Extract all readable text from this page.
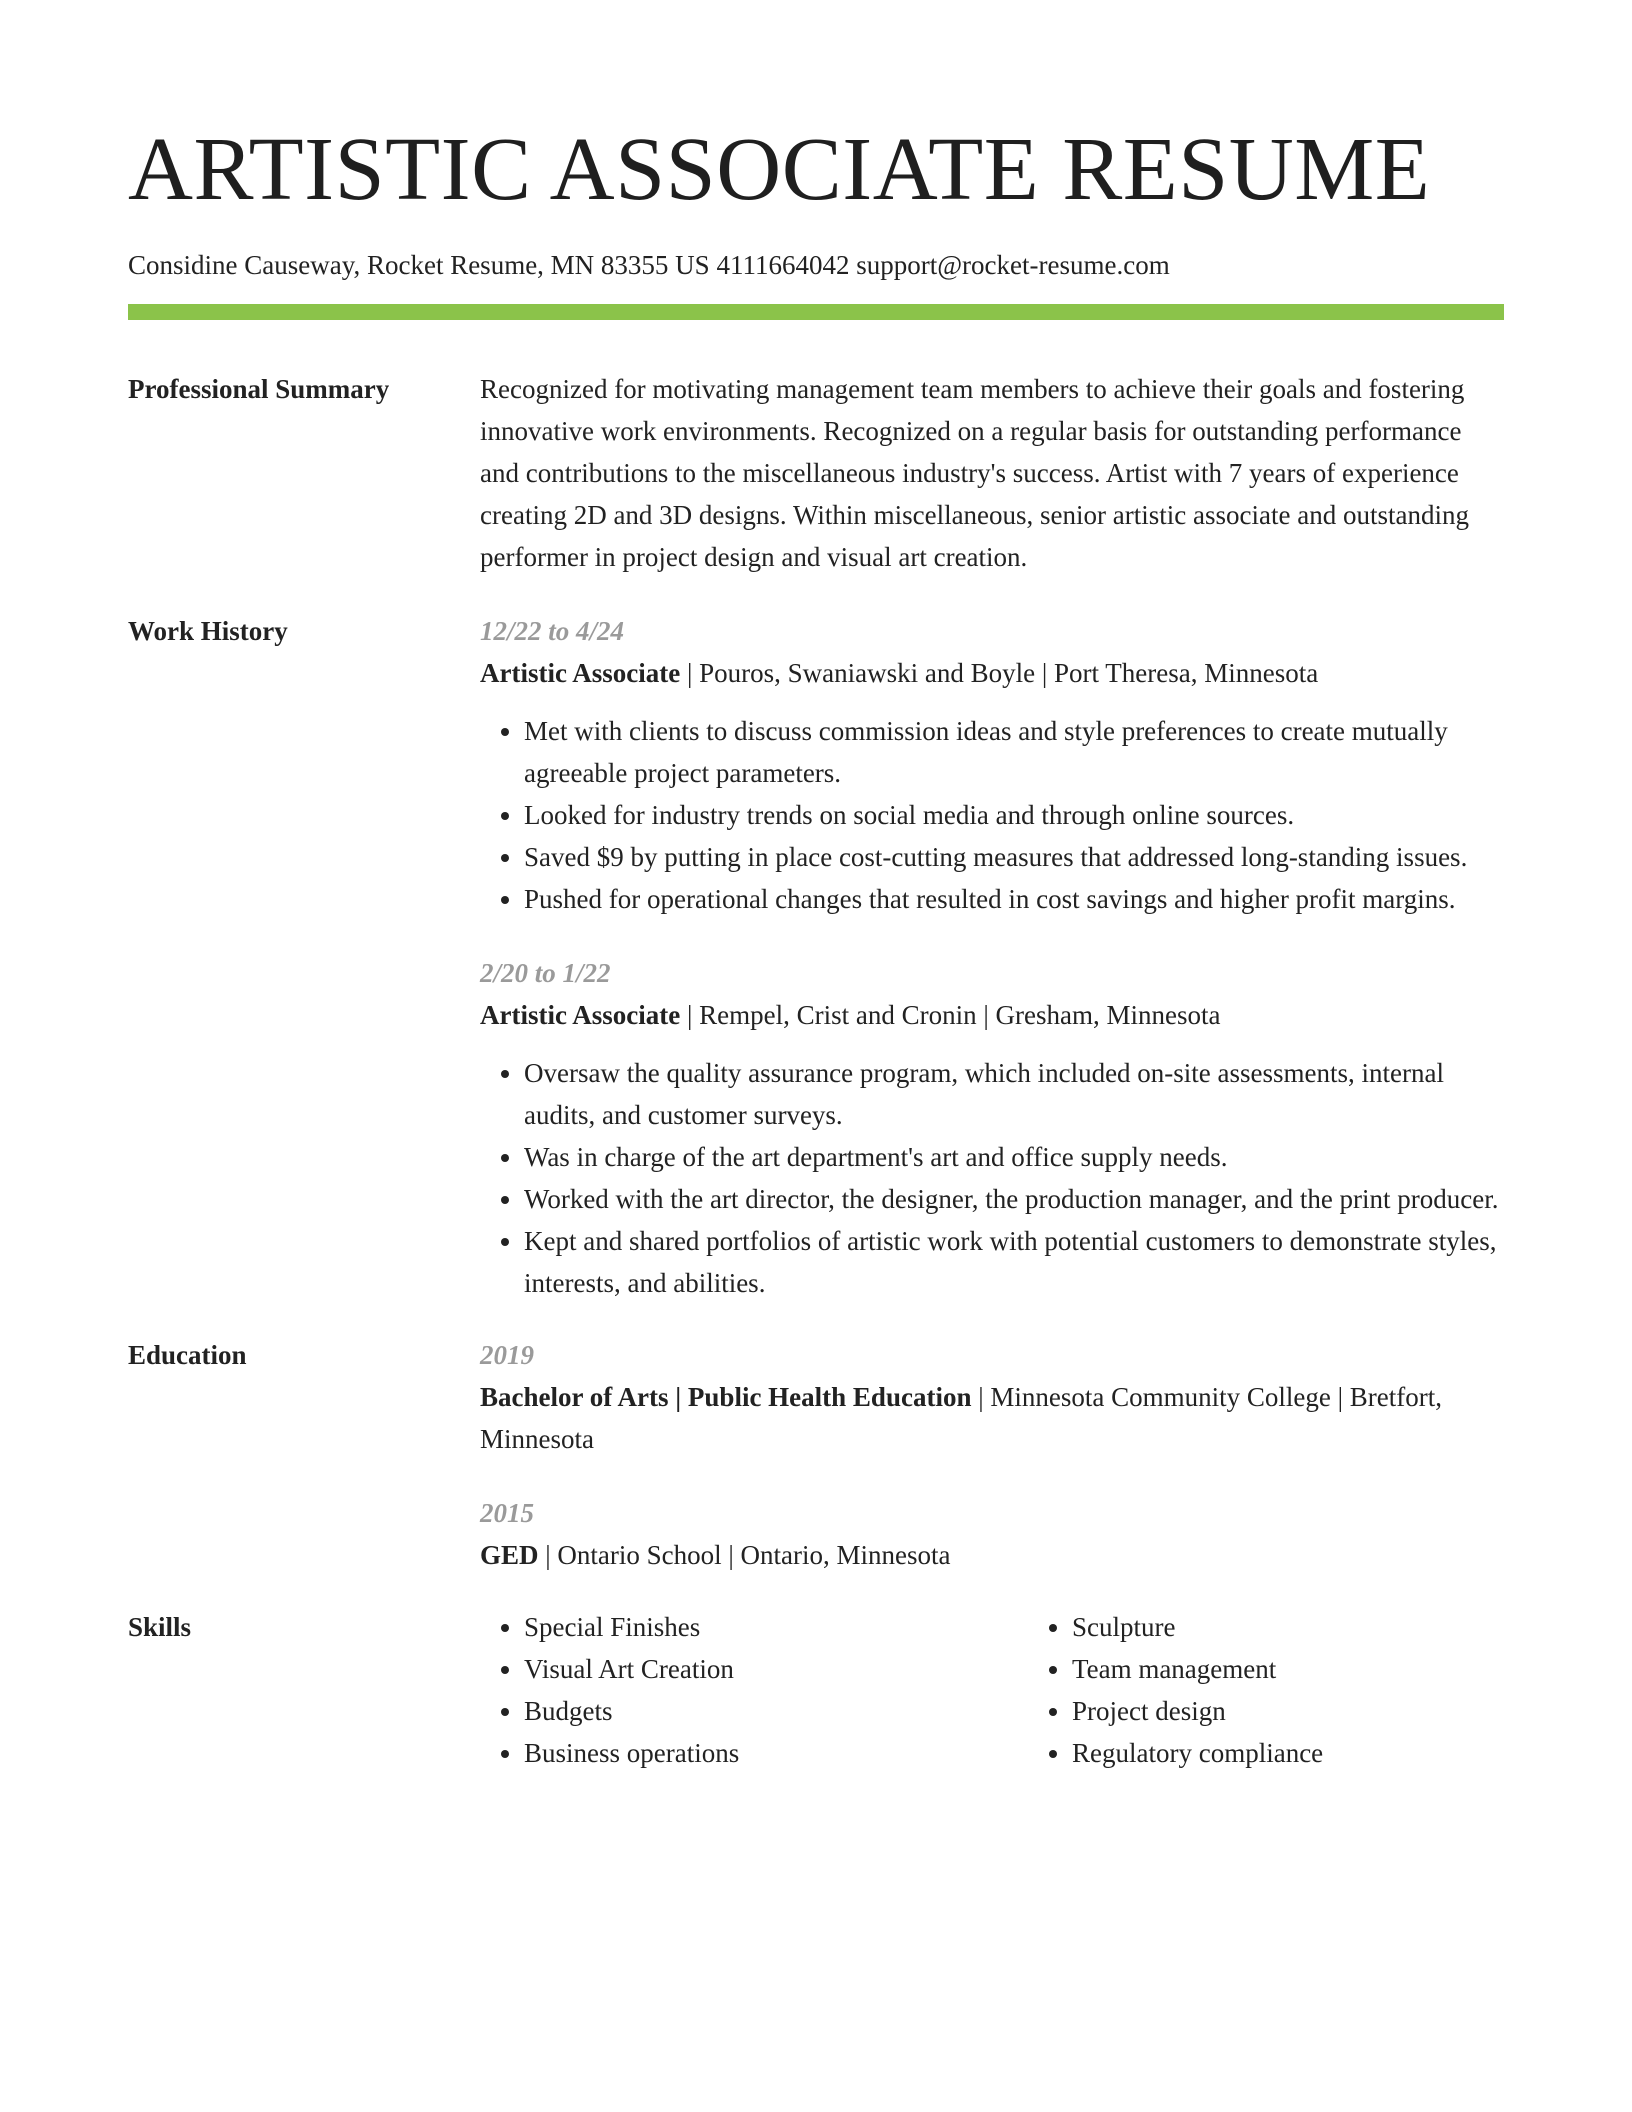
ARTISTIC ASSOCIATE RESUME
Considine Causeway, Rocket Resume, MN 83355 US 4111664042 support@rocket-resume.com
Professional Summary	Recognized for motivating management team members to achieve their goals and fostering innovative work environments. Recognized on a regular basis for outstanding performance and contributions to the miscellaneous industry's success. Artist with 7 years of experience creating 2D and 3D designs. Within miscellaneous, senior artistic associate and outstanding performer in project design and visual art creation.
Work History	12/22 to 4/24
Artistic Associate | Pouros, Swaniawski and Boyle | Port Theresa, Minnesota
• Met with clients to discuss commission ideas and style preferences to create mutually agreeable project parameters.
• Looked for industry trends on social media and through online sources.
• Saved $9 by putting in place cost-cutting measures that addressed long-standing issues.
• Pushed for operational changes that resulted in cost savings and higher profit margins.
2/20 to 1/22
Artistic Associate | Rempel, Crist and Cronin | Gresham, Minnesota
• Oversaw the quality assurance program, which included on-site assessments, internal audits, and customer surveys.
• Was in charge of the art department's art and office supply needs.
• Worked with the art director, the designer, the production manager, and the print producer.
• Kept and shared portfolios of artistic work with potential customers to demonstrate styles, interests, and abilities.
Education	2019
Bachelor of Arts | Public Health Education | Minnesota Community College | Bretfort, Minnesota
2015
GED | Ontario School | Ontario, Minnesota
Skills
•	Special Finishes
• Visual Art Creation
• Budgets
• Business operations
• Sculpture
• Team management
• Project design
• Regulatory compliance
